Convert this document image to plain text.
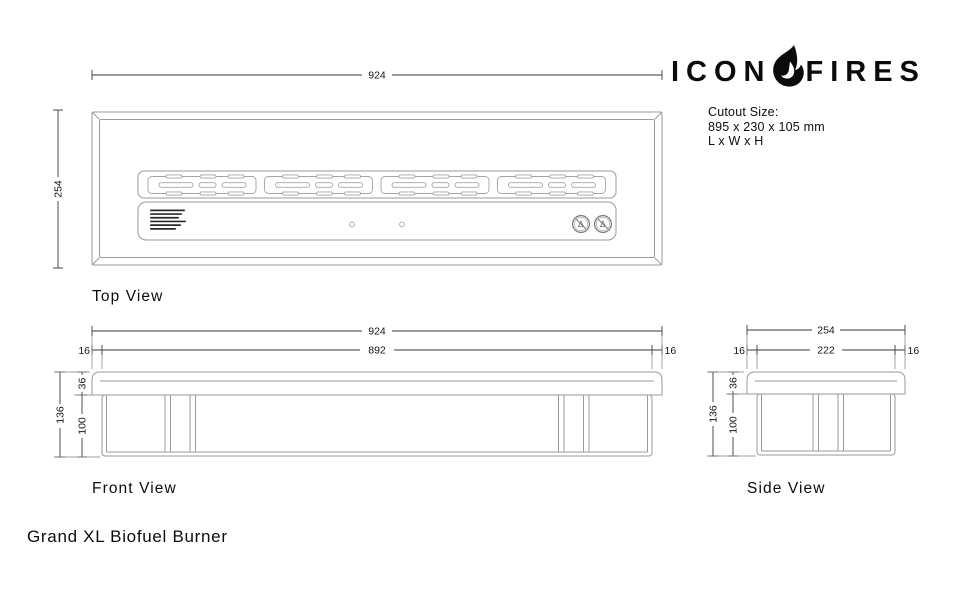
924
254
924
892
16	16
136
36
100
254
222
16	16
136
36
100
ICON FIRES
Cutout Size:
895 x 230 x 105 mm
L x W x H
Top View
Front View	Side View
Grand XL Biofuel Burner
